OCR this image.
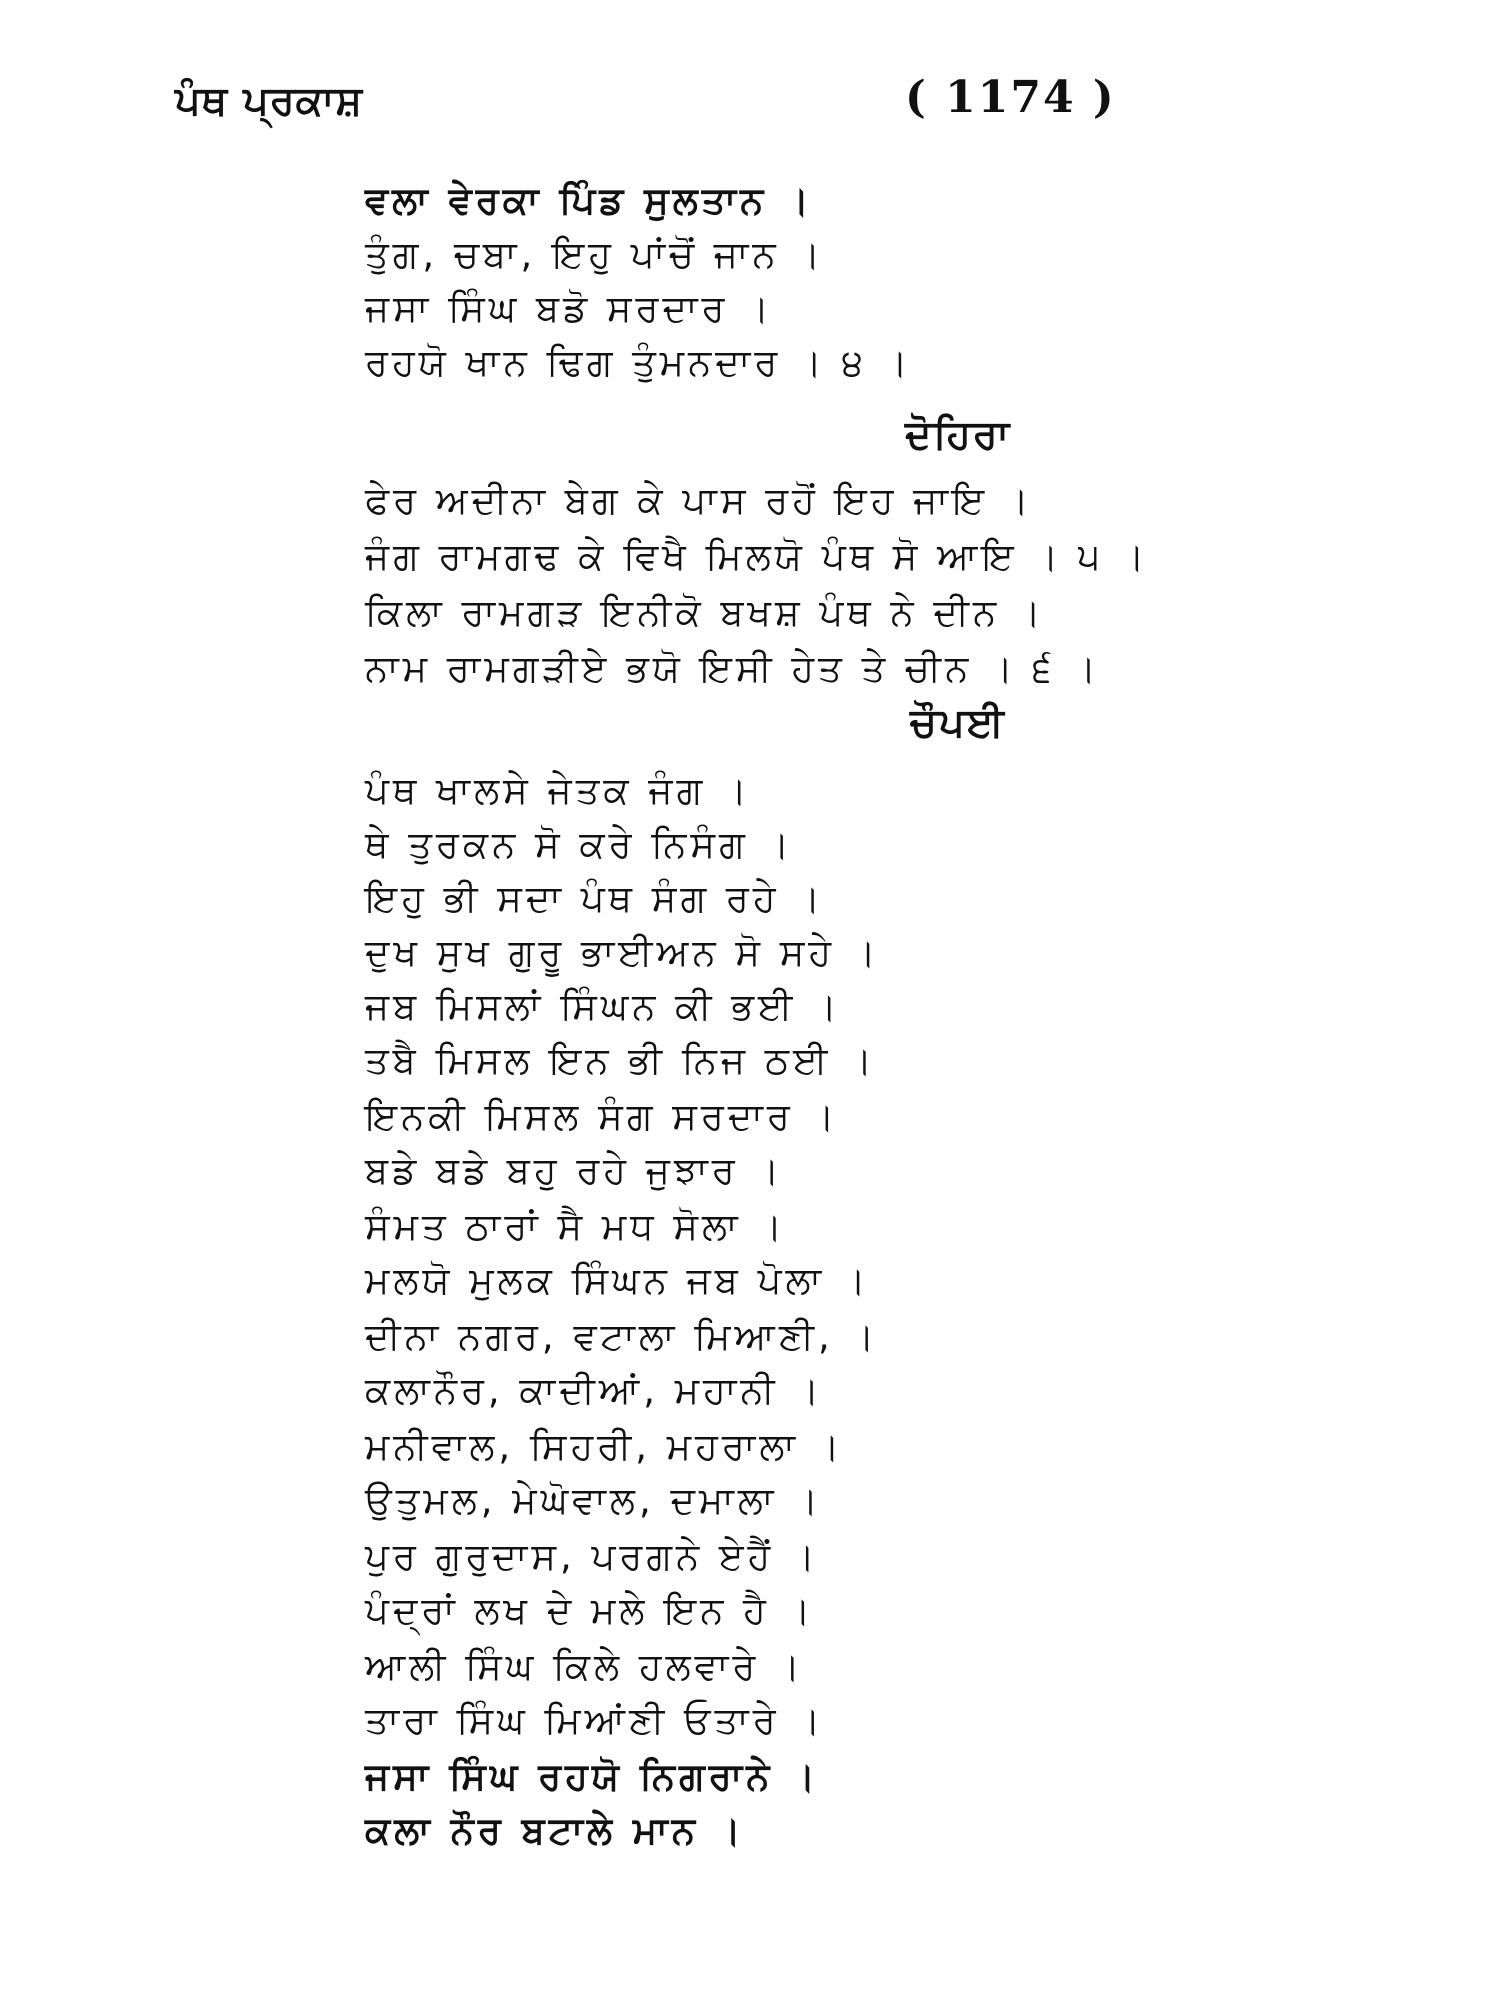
ਪੰਥ ਪ੍ਰਕਾਸ਼	( 1174 )
ਵਲਾ ਵੇਰਕਾ ਪਿੰਡ ਸੁਲਤਾਨ ।
ਤੁੰਗ, ਚਬਾ, ਇਹੁ ਪਾਂਚੋਂ ਜਾਨ ।
ਜਸਾ ਸਿੰਘ ਬਡੋ ਸਰਦਾਰ ।
ਰਹਯੋ ਖਾਨ ਢਿਗ ਤੁੰਮਨਦਾਰ । ੪ ।
ਦੋਹਿਰਾ
ਫੇਰ ਅਦੀਨਾ ਬੇਗ ਕੇ ਪਾਸ ਰਹੋਂ ਇਹ ਜਾਇ ।
ਜੰਗ ਰਾਮਗਢ ਕੇ ਵਿਖੈ ਮਿਲਯੋ ਪੰਥ ਸੋ ਆਇ । ੫ ।
ਕਿਲਾ ਰਾਮਗੜ ਇਨੀਕੋ ਬਖਸ਼ ਪੰਥ ਨੇ ਦੀਨ ।
ਨਾਮ ਰਾਮਗੜੀਏ ਭਯੋ ਇਸੀ ਹੇਤ ਤੇ ਚੀਨ । ੬ ।
ਚੌਪਈ
ਪੰਥ ਖਾਲਸੇ ਜੇਤਕ ਜੰਗ ।
ਥੇ ਤੁਰਕਨ ਸੋ ਕਰੇ ਨਿਸੰਗ ।
ਇਹੁ ਭੀ ਸਦਾ ਪੰਥ ਸੰਗ ਰਹੇ ।
ਦੁਖ ਸੁਖ ਗੁਰੂ ਭਾਈਅਨ ਸੋ ਸਹੇ ।
ਜਬ ਮਿਸਲਾਂ ਸਿੰਘਨ ਕੀ ਭਈ ।
ਤਬੈ ਮਿਸਲ ਇਨ ਭੀ ਨਿਜ ਠਈ ।
ਇਨਕੀ ਮਿਸਲ ਸੰਗ ਸਰਦਾਰ ।
ਬਡੇ ਬਡੇ ਬਹੁ ਰਹੇ ਜੁਝਾਰ ।
ਸੰਮਤ ਠਾਰਾਂ ਸੈ ਮਧ ਸੋਲਾ ।
ਮਲਯੋ ਮੁਲਕ ਸਿੰਘਨ ਜਬ ਪੋਲਾ ।
ਦੀਨਾ ਨਗਰ, ਵਟਾਲਾ ਮਿਆਣੀ, ।
ਕਲਾਨੌਰ, ਕਾਦੀਆਂ, ਮਹਾਨੀ ।
ਮਨੀਵਾਲ, ਸਿਹਰੀ, ਮਹਰਾਲਾ ।
ਉਤੁਮਲ, ਮੇਘੋਵਾਲ, ਦਮਾਲਾ ।
ਪੁਰ ਗੁਰੁਦਾਸ, ਪਰਗਨੇ ਏਹੈਂ ।
ਪੰਦ੍ਰਾਂ ਲਖ ਦੇ ਮਲੇ ਇਨ ਹੈ ।
ਆਲੀ ਸਿੰਘ ਕਿਲੇ ਹਲਵਾਰੇ ।
ਤਾਰਾ ਸਿੰਘ ਮਿਆਂਣੀ ਓਤਾਰੇ ।
ਜਸਾ ਸਿੰਘ ਰਹਯੋ ਨਿਗਰਾਨੇ ।
ਕਲਾ ਨੌਰ ਬਟਾਲੇ ਮਾਨ ।
